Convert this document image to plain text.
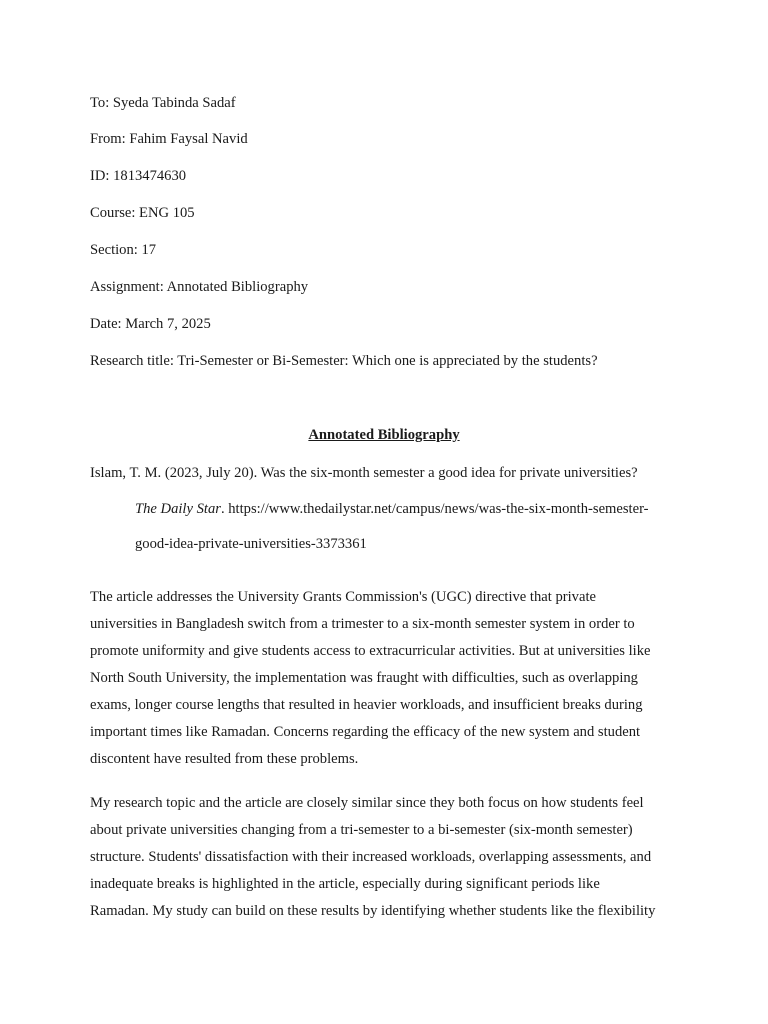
To: Syeda Tabinda Sadaf
From: Fahim Faysal Navid
ID: 1813474630
Course: ENG 105
Section: 17
Assignment: Annotated Bibliography
Date: March 7, 2025
Research title: Tri-Semester or Bi-Semester: Which one is appreciated by the students?
Annotated Bibliography
Islam, T. M. (2023, July 20). Was the six-month semester a good idea for private universities?
The Daily Star. https://www.thedailystar.net/campus/news/was-the-six-month-semester-
good-idea-private-universities-3373361
The article addresses the University Grants Commission's (UGC) directive that private
universities in Bangladesh switch from a trimester to a six-month semester system in order to
promote uniformity and give students access to extracurricular activities. But at universities like
North South University, the implementation was fraught with difficulties, such as overlapping
exams, longer course lengths that resulted in heavier workloads, and insufficient breaks during
important times like Ramadan. Concerns regarding the efficacy of the new system and student
discontent have resulted from these problems.
My research topic and the article are closely similar since they both focus on how students feel
about private universities changing from a tri-semester to a bi-semester (six-month semester)
structure. Students' dissatisfaction with their increased workloads, overlapping assessments, and
inadequate breaks is highlighted in the article, especially during significant periods like
Ramadan. My study can build on these results by identifying whether students like the flexibility
